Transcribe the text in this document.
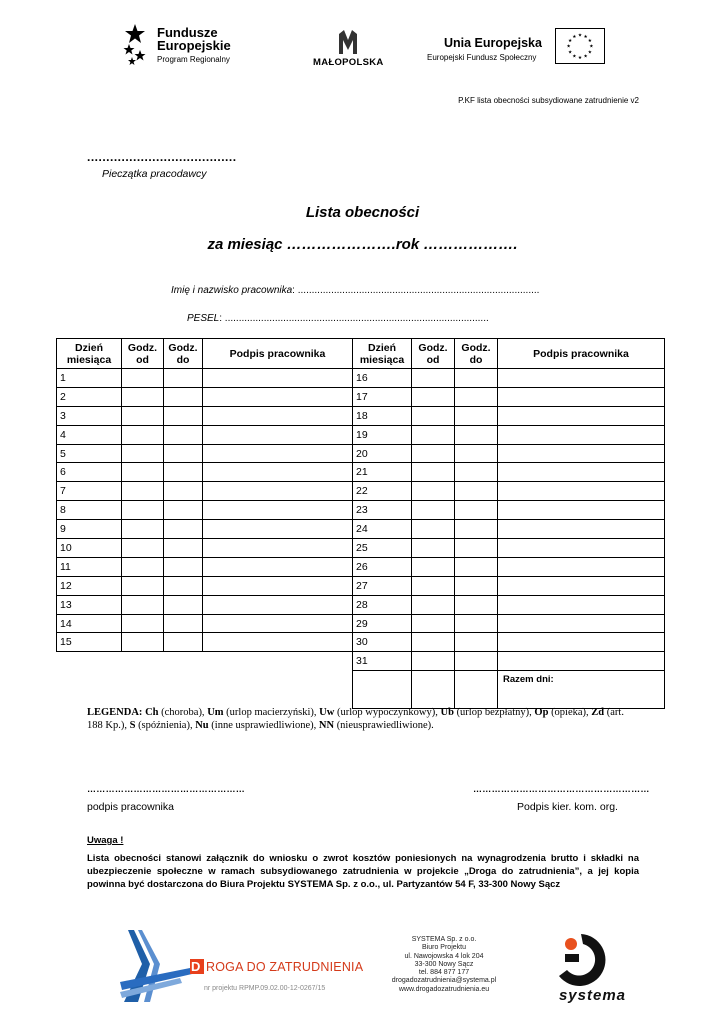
Fundusze
Europejskie
Program Regionalny	MAŁOPOLSKA
Unia Europejska
Europejski Fundusz Społeczny
★ ★
★
★
★
★
★
★
★
★
★
★
P.KF lista obecności subsydiowane zatrudnienie v2
.......................................
Pieczątka pracodawcy
Lista obecności
za miesiąc ………………….rok ……………….
Imię i nazwisko pracownika: .......................................................................................
PESEL: ...............................................................................................
Dzień miesiąca	Godz. od	Godz. do	Podpis pracownika	Dzień miesiąca	Godz. od	Godz. do	Podpis pracownika
1				16			
2				17			
3				18			
4				19			
5				20			
6				21			
7				22			
8				23			
9				24			
10				25			
11				26			
12				27			
13				28			
14				29			
15				30			
				31			
							Razem dni:
LEGENDA: Ch (choroba), Um (urlop macierzyński), Uw (urlop wypoczynkowy), Ub (urlop bezpłatny), Op (opieka), Zd (art. 188 Kp.), S (spóźnienia), Nu (inne usprawiedliwione), NN (nieusprawiedliwione).
……………………………………………	…………………………………………………
podpis pracownika	Podpis kier. kom. org.
Uwaga !
Lista obecności stanowi załącznik do wniosku o zwrot kosztów poniesionych na wynagrodzenia brutto i składki na ubezpieczenie społeczne w ramach subsydiowanego zatrudnienia w projekcie „Droga do zatrudnienia”, a jej kopia powinna być dostarczona do Biura Projektu SYSTEMA Sp. z o.o., ul. Partyzantów 54 F, 33-300 Nowy Sącz
D ROGA DO ZATRUDNIENIA
nr projektu RPMP.09.02.00-12-0267/15
SYSTEMA Sp. z o.o.
Biuro Projektu
ul. Nawojowska 4 lok 204
33-300 Nowy Sącz
tel. 884 877 177
drogadozatrudnienia@systema.pl
www.drogadozatrudnienia.eu	systema
